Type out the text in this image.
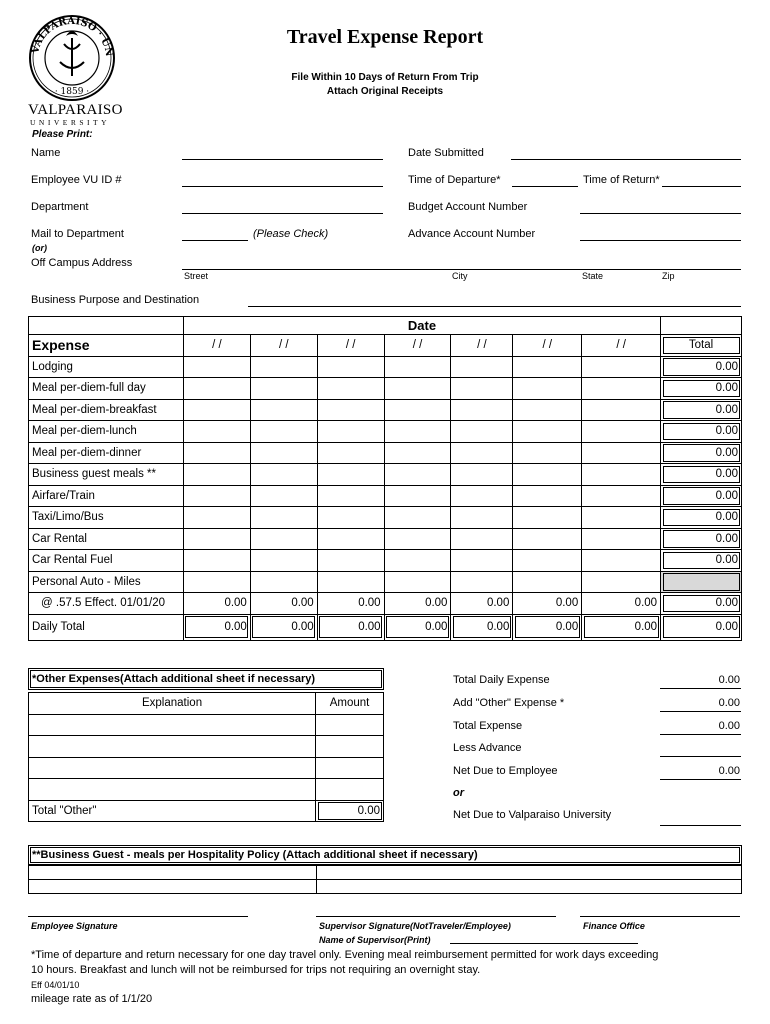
VALPARAISO · UN
· 1859 ·
VALPARAISO
UNIVERSITY
Travel Expense Report
File Within 10 Days of Return From Trip
Attach Original Receipts
Please Print:
Name	Date Submitted
Employee VU ID #	Time of Departure*	Time of Return*
Department	Budget Account Number
Mail to Department	(Please Check)	Advance Account Number
(or)
Off Campus Address
Street	City	State	Zip
Business Purpose and Destination
	Date							
Expense	/ /	/ /	/ /	/ /	/ /	/ /	/ /	Total
Lodging								0.00
Meal per-diem-full day								0.00
Meal per-diem-breakfast								0.00
Meal per-diem-lunch								0.00
Meal per-diem-dinner								0.00
Business guest meals **								0.00
Airfare/Train								0.00
Taxi/Limo/Bus								0.00
Car Rental								0.00
Car Rental Fuel								0.00
Personal Auto - Miles								
@ .57.5 Effect. 01/01/20	0.00	0.00	0.00	0.00	0.00	0.00	0.00	0.00
Daily Total	0.00	0.00	0.00	0.00	0.00	0.00	0.00	0.00
*Other Expenses(Attach additional sheet if necessary)
Explanation	Amount

Total "Other"	0.00
Total Daily Expense	0.00
Add "Other" Expense *	0.00
Total Expense	0.00
Less Advance
Net Due to Employee	0.00
or
Net Due to Valparaiso University
**Business Guest - meals per Hospitality Policy (Attach additional sheet if necessary)

Employee Signature	Supervisor Signature(NotTraveler/Employee)	Finance Office
Name of Supervisor(Print)
*Time of departure and return necessary for one day travel only. Evening meal reimbursement permitted for work days exceeding
10 hours. Breakfast and lunch will not be reimbursed for trips not requiring an overnight stay.
Eff 04/01/10
mileage rate as of 1/1/20
